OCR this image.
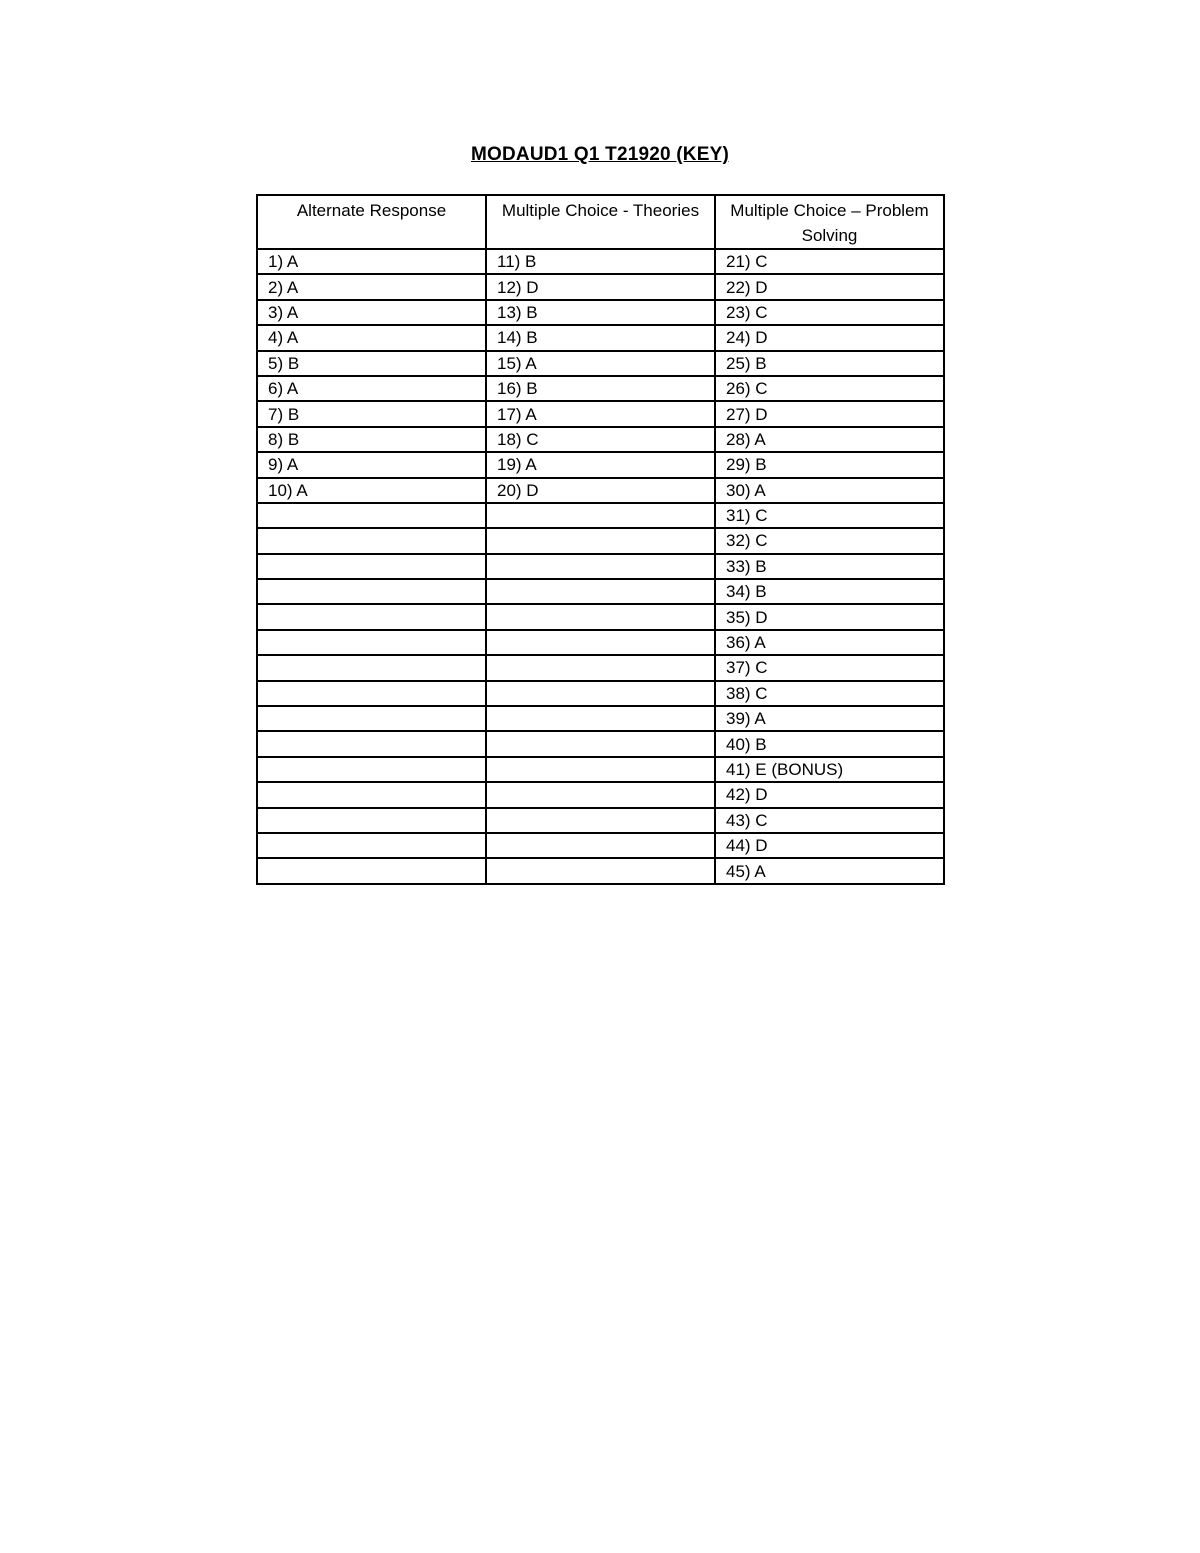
MODAUD1 Q1 T21920 (KEY)
Alternate Response	Multiple Choice - Theories	Multiple Choice – Problem Solving
1) A	11) B	21) C
2) A	12) D	22) D
3) A	13) B	23) C
4) A	14) B	24) D
5) B	15) A	25) B
6) A	16) B	26) C
7) B	17) A	27) D
8) B	18) C	28) A
9) A	19) A	29) B
10) A	20) D	30) A
		31) C
		32) C
		33) B
		34) B
		35) D
		36) A
		37) C
		38) C
		39) A
		40) B
		41) E (BONUS)
		42) D
		43) C
		44) D
		45) A
